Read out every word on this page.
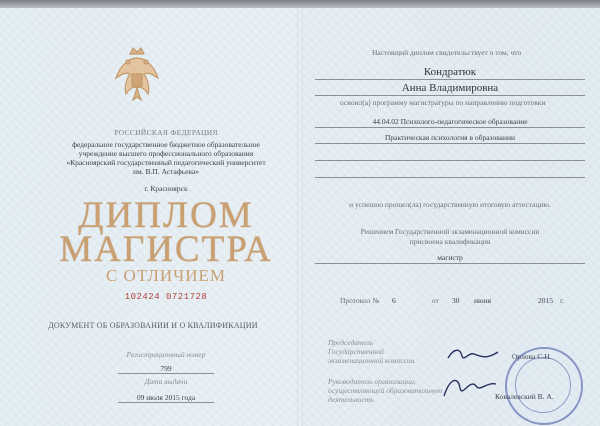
РОССИЙСКАЯ ФЕДЕРАЦИЯ
федеральное государственное бюджетное образовательное
учреждение высшего профессионального образования
«Красноярский государственный педагогический университет
им. В.П. Астафьева»
г. Красноярск
ДИПЛОМ
МАГИСТРА
С ОТЛИЧИЕМ
102424 0721728
ДОКУМЕНТ ОБ ОБРАЗОВАНИИ И О КВАЛИФИКАЦИИ
Регистрационный номер
799
Дата выдачи
09 июля 2015 года
Настоящий диплом свидетельствует о том, что
Кондратюк
Анна Владимировна
освоил(а) программу магистратуры по направлению подготовки
44.04.02 Психолого-педагогическое образование
Практическая психология в образовании
и успешно прошел(ла) государственную итоговую аттестацию.
Решением Государственной экзаменационной комиссии
присвоена квалификация
магистр
Протокол № 6	от 30 июня	2015 г.
Председатель
Государственной
экзаменационной комиссии	Орлова С.Н.
Руководитель организации,
осуществляющей образовательную
деятельность	Ковалевский В. А.
